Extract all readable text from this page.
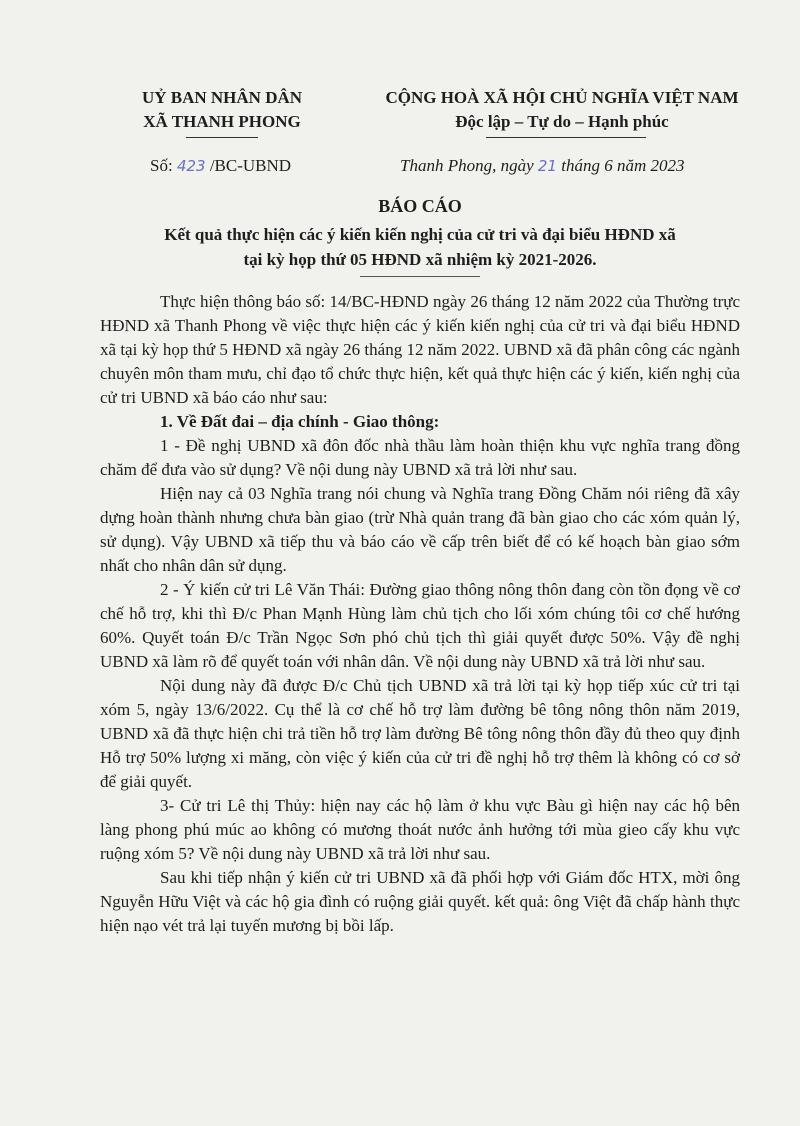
UỶ BAN NHÂN DÂN
XÃ THANH PHONG
CỘNG HOÀ XÃ HỘI CHỦ NGHĨA VIỆT NAM
Độc lập – Tự do – Hạnh phúc
Số: 423 /BC-UBND	Thanh Phong, ngày 21 tháng 6 năm 2023
BÁO CÁO
Kết quả thực hiện các ý kiến kiến nghị của cử tri và đại biểu HĐND xã
tại kỳ họp thứ 05 HĐND xã nhiệm kỳ 2021-2026.

Thực hiện thông báo số: 14/BC-HĐND ngày 26 tháng 12 năm 2022 của Thường trực HĐND xã Thanh Phong về việc thực hiện các ý kiến kiến nghị của cử tri và đại biểu HĐND xã tại kỳ họp thứ 5 HĐND xã ngày 26 tháng 12 năm 2022. UBND xã đã phân công các ngành chuyên môn tham mưu, chỉ đạo tổ chức thực hiện, kết quả thực hiện các ý kiến, kiến nghị của cử tri UBND xã báo cáo như sau:

1. Về Đất đai – địa chính - Giao thông:

1 - Đề nghị UBND xã đôn đốc nhà thầu làm hoàn thiện khu vực nghĩa trang đồng chăm để đưa vào sử dụng? Về nội dung này UBND xã trả lời như sau.

Hiện nay cả 03 Nghĩa trang nói chung và Nghĩa trang Đồng Chăm nói riêng đã xây dựng hoàn thành nhưng chưa bàn giao (trừ Nhà quản trang đã bàn giao cho các xóm quản lý, sử dụng). Vậy UBND xã tiếp thu và báo cáo về cấp trên biết để có kế hoạch bàn giao sớm nhất cho nhân dân sử dụng.

2 - Ý kiến cử tri Lê Văn Thái: Đường giao thông nông thôn đang còn tồn đọng về cơ chế hỗ trợ, khi thì Đ/c Phan Mạnh Hùng làm chủ tịch cho lối xóm chúng tôi cơ chế hướng 60%. Quyết toán Đ/c Trần Ngọc Sơn phó chủ tịch thì giải quyết được 50%. Vậy đề nghị UBND xã làm rõ để quyết toán với nhân dân. Về nội dung này UBND xã trả lời như sau.

Nội dung này đã được Đ/c Chủ tịch UBND xã trả lời tại kỳ họp tiếp xúc cử tri tại xóm 5, ngày 13/6/2022. Cụ thể là cơ chế hỗ trợ làm đường bê tông nông thôn năm 2019, UBND xã đã thực hiện chi trả tiền hỗ trợ làm đường Bê tông nông thôn đầy đủ theo quy định Hỗ trợ 50% lượng xi măng, còn việc ý kiến của cử tri đề nghị hỗ trợ thêm là không có cơ sở để giải quyết.

3- Cử tri Lê thị Thủy: hiện nay các hộ làm ở khu vực Bàu gì hiện nay các hộ bên làng phong phú múc ao không có mương thoát nước ảnh hưởng tới mùa gieo cấy khu vực ruộng xóm 5? Về nội dung này UBND xã trả lời như sau.

Sau khi tiếp nhận ý kiến cử tri UBND xã đã phối hợp với Giám đốc HTX, mời ông Nguyễn Hữu Việt và các hộ gia đình có ruộng giải quyết. kết quả: ông Việt đã chấp hành thực hiện nạo vét trả lại tuyến mương bị bồi lấp.
